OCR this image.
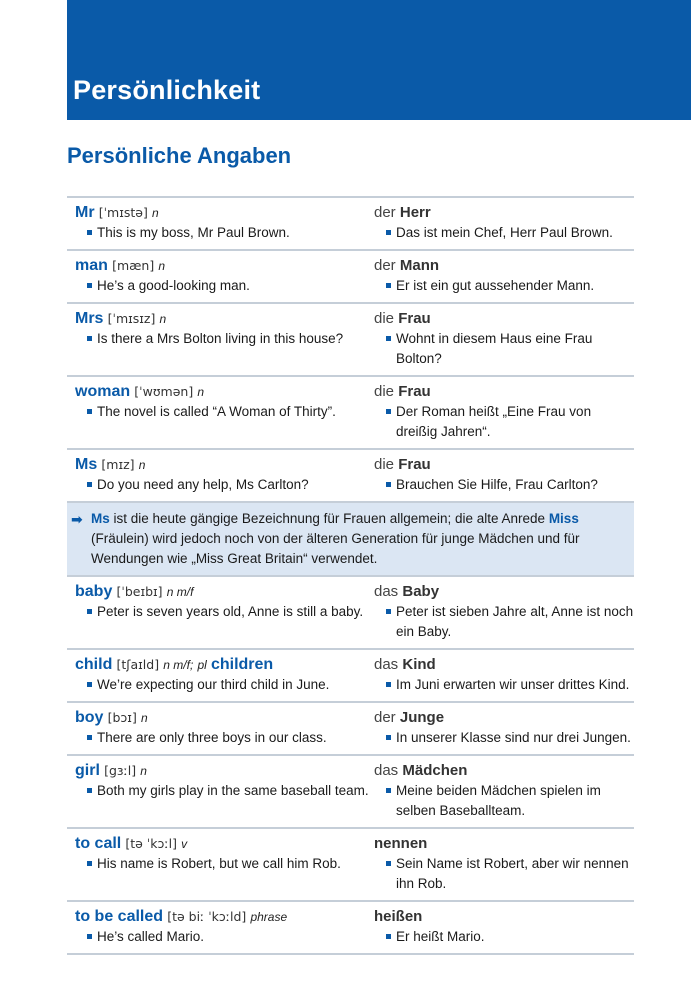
Persönlichkeit
Persönliche Angaben
Mr [ˈmɪstə] n
This is my boss, Mr Paul Brown.
der Herr
Das ist mein Chef, Herr Paul Brown.
man [mæn] n
He’s a good-looking man.
der Mann
Er ist ein gut aussehender Mann.
Mrs [ˈmɪsɪz] n
Is there a Mrs Bolton living in this house?
die Frau
Wohnt in diesem Haus eine Frau Bolton?
woman [ˈwʊmən] n
The novel is called “A Woman of Thirty”.
die Frau
Der Roman heißt „Eine Frau von dreißig Jahren“.
Ms [mɪz] n
Do you need any help, Ms Carlton?
die Frau
Brauchen Sie Hilfe, Frau Carlton?
➡ Ms ist die heute gängige Bezeichnung für Frauen allgemein; die alte Anrede Miss (Fräulein) wird jedoch noch von der älteren Generation für junge Mädchen und für Wendungen wie „Miss Great Britain“ verwendet.
baby [ˈbeɪbɪ] n m/f
Peter is seven years old, Anne is still a baby.
das Baby
Peter ist sieben Jahre alt, Anne ist noch ein Baby.
child [tʃaɪld] n m/f; pl children
We’re expecting our third child in June.
das Kind
Im Juni erwarten wir unser drittes Kind.
boy [bɔɪ] n
There are only three boys in our class.
der Junge
In unserer Klasse sind nur drei Jungen.
girl [gɜːl] n
Both my girls play in the same baseball team.
das Mädchen
Meine beiden Mädchen spielen im selben Baseballteam.
to call [tə ˈkɔːl] v
His name is Robert, but we call him Rob.
nennen
Sein Name ist Robert, aber wir nennen ihn Rob.
to be called [tə biː ˈkɔːld] phrase
He’s called Mario.
heißen
Er heißt Mario.
